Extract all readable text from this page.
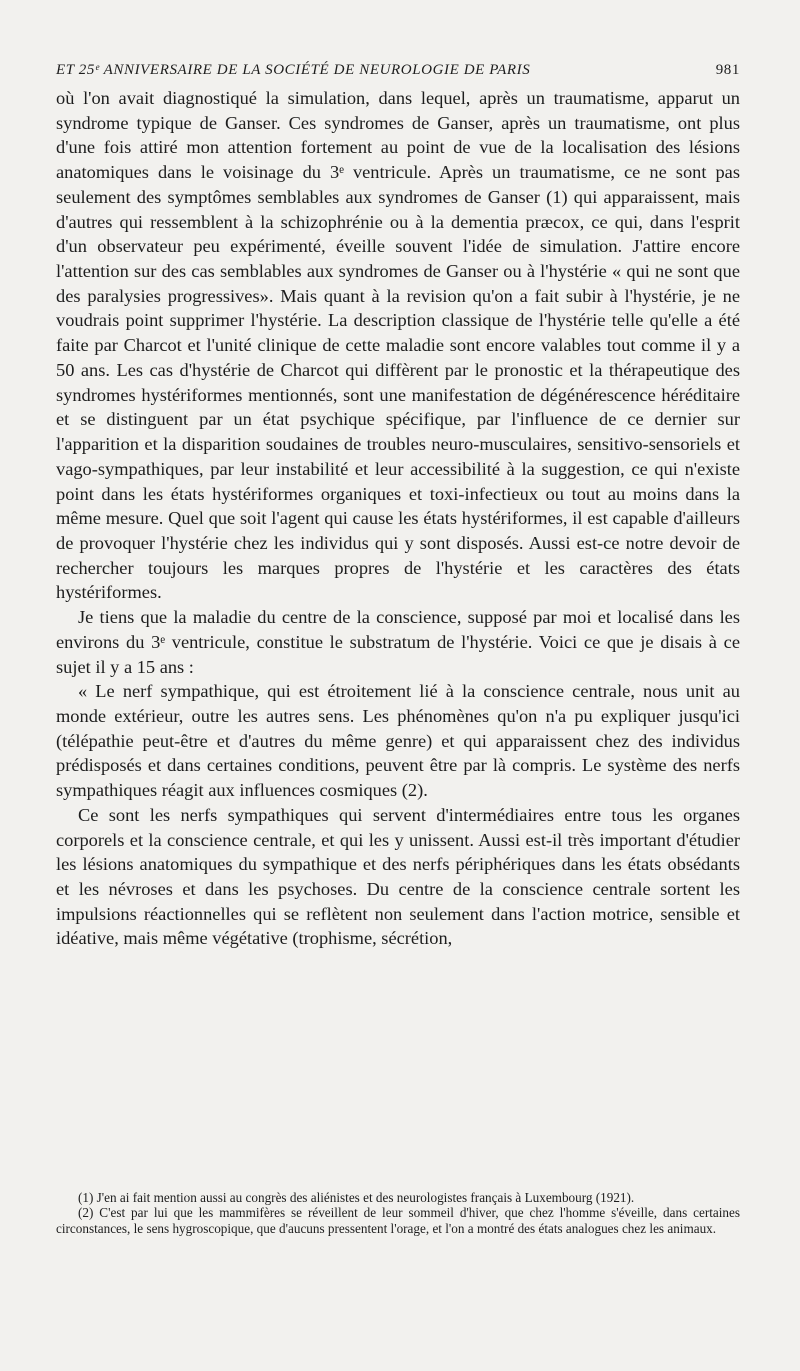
ET 25ᵉ ANNIVERSAIRE DE LA SOCIÉTÉ DE NEUROLOGIE DE PARIS	981

où l'on avait diagnostiqué la simulation, dans lequel, après un traumatisme, apparut un syndrome typique de Ganser. Ces syndromes de Ganser, après un traumatisme, ont plus d'une fois attiré mon attention fortement au point de vue de la localisation des lésions anatomiques dans le voisinage du 3ᵉ ventricule. Après un traumatisme, ce ne sont pas seulement des symptômes semblables aux syndromes de Ganser (1) qui apparaissent, mais d'autres qui ressemblent à la schizophrénie ou à la dementia præcox, ce qui, dans l'esprit d'un observateur peu expérimenté, éveille souvent l'idée de simulation. J'attire encore l'attention sur des cas semblables aux syndromes de Ganser ou à l'hystérie « qui ne sont que des paralysies progressives». Mais quant à la revision qu'on a fait subir à l'hystérie, je ne voudrais point supprimer l'hystérie. La description classique de l'hystérie telle qu'elle a été faite par Charcot et l'unité clinique de cette maladie sont encore valables tout comme il y a 50 ans. Les cas d'hystérie de Charcot qui diffèrent par le pronostic et la thérapeutique des syndromes hystériformes mentionnés, sont une manifestation de dégénérescence héréditaire et se distinguent par un état psychique spécifique, par l'influence de ce dernier sur l'apparition et la disparition soudaines de troubles neuro-musculaires, sensitivo-sensoriels et vago-sympathiques, par leur instabilité et leur accessibilité à la suggestion, ce qui n'existe point dans les états hystériformes organiques et toxi-infectieux ou tout au moins dans la même mesure. Quel que soit l'agent qui cause les états hystériformes, il est capable d'ailleurs de provoquer l'hystérie chez les individus qui y sont disposés. Aussi est-ce notre devoir de rechercher toujours les marques propres de l'hystérie et les caractères des états hystériformes.

Je tiens que la maladie du centre de la conscience, supposé par moi et localisé dans les environs du 3ᵉ ventricule, constitue le substratum de l'hystérie. Voici ce que je disais à ce sujet il y a 15 ans :

« Le nerf sympathique, qui est étroitement lié à la conscience centrale, nous unit au monde extérieur, outre les autres sens. Les phénomènes qu'on n'a pu expliquer jusqu'ici (télépathie peut-être et d'autres du même genre) et qui apparaissent chez des individus prédisposés et dans certaines conditions, peuvent être par là compris. Le système des nerfs sympathiques réagit aux influences cosmiques (2).

Ce sont les nerfs sympathiques qui servent d'intermédiaires entre tous les organes corporels et la conscience centrale, et qui les y unissent. Aussi est-il très important d'étudier les lésions anatomiques du sympathique et des nerfs périphériques dans les états obsédants et les névroses et dans les psychoses. Du centre de la conscience centrale sortent les impulsions réactionnelles qui se reflètent non seulement dans l'action motrice, sensible et idéative, mais même végétative (trophisme, sécrétion,

(1) J'en ai fait mention aussi au congrès des aliénistes et des neurologistes français à Luxembourg (1921).

(2) C'est par lui que les mammifères se réveillent de leur sommeil d'hiver, que chez l'homme s'éveille, dans certaines circonstances, le sens hygroscopique, que d'aucuns pressentent l'orage, et l'on a montré des états analogues chez les animaux.
